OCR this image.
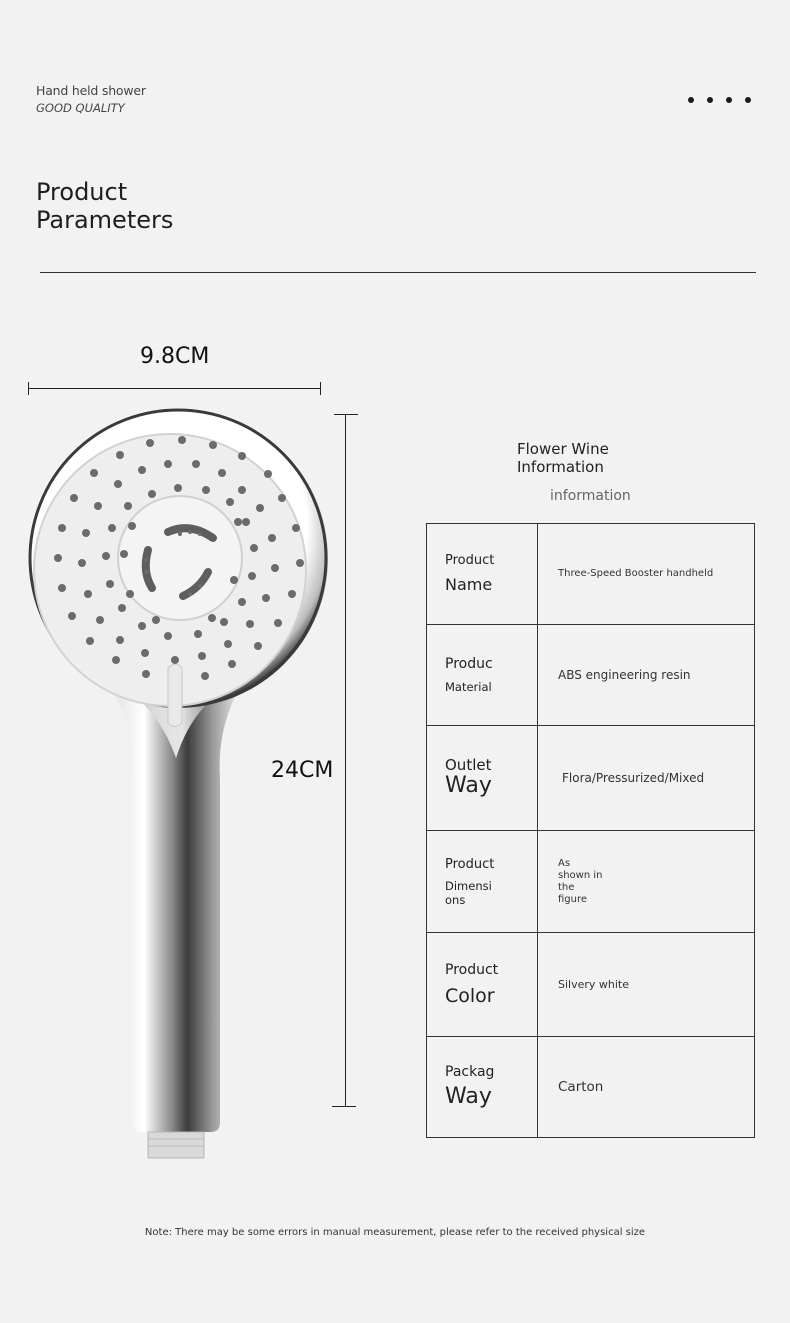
Hand held shower
GOOD QUALITY
Product
Parameters
9.8CM
24CM
Flower Wine
Information
information
Product
Name	Three-Speed Booster handheld

Produc
Material	ABS engineering resin

Outlet
Way	Flora/Pressurized/Mixed

Product
Dimensi ons	As shown in the figure

Product
Color	Silvery white

Packag
Way	Carton
Note: There may be some errors in manual measurement, please refer to the received physical size
